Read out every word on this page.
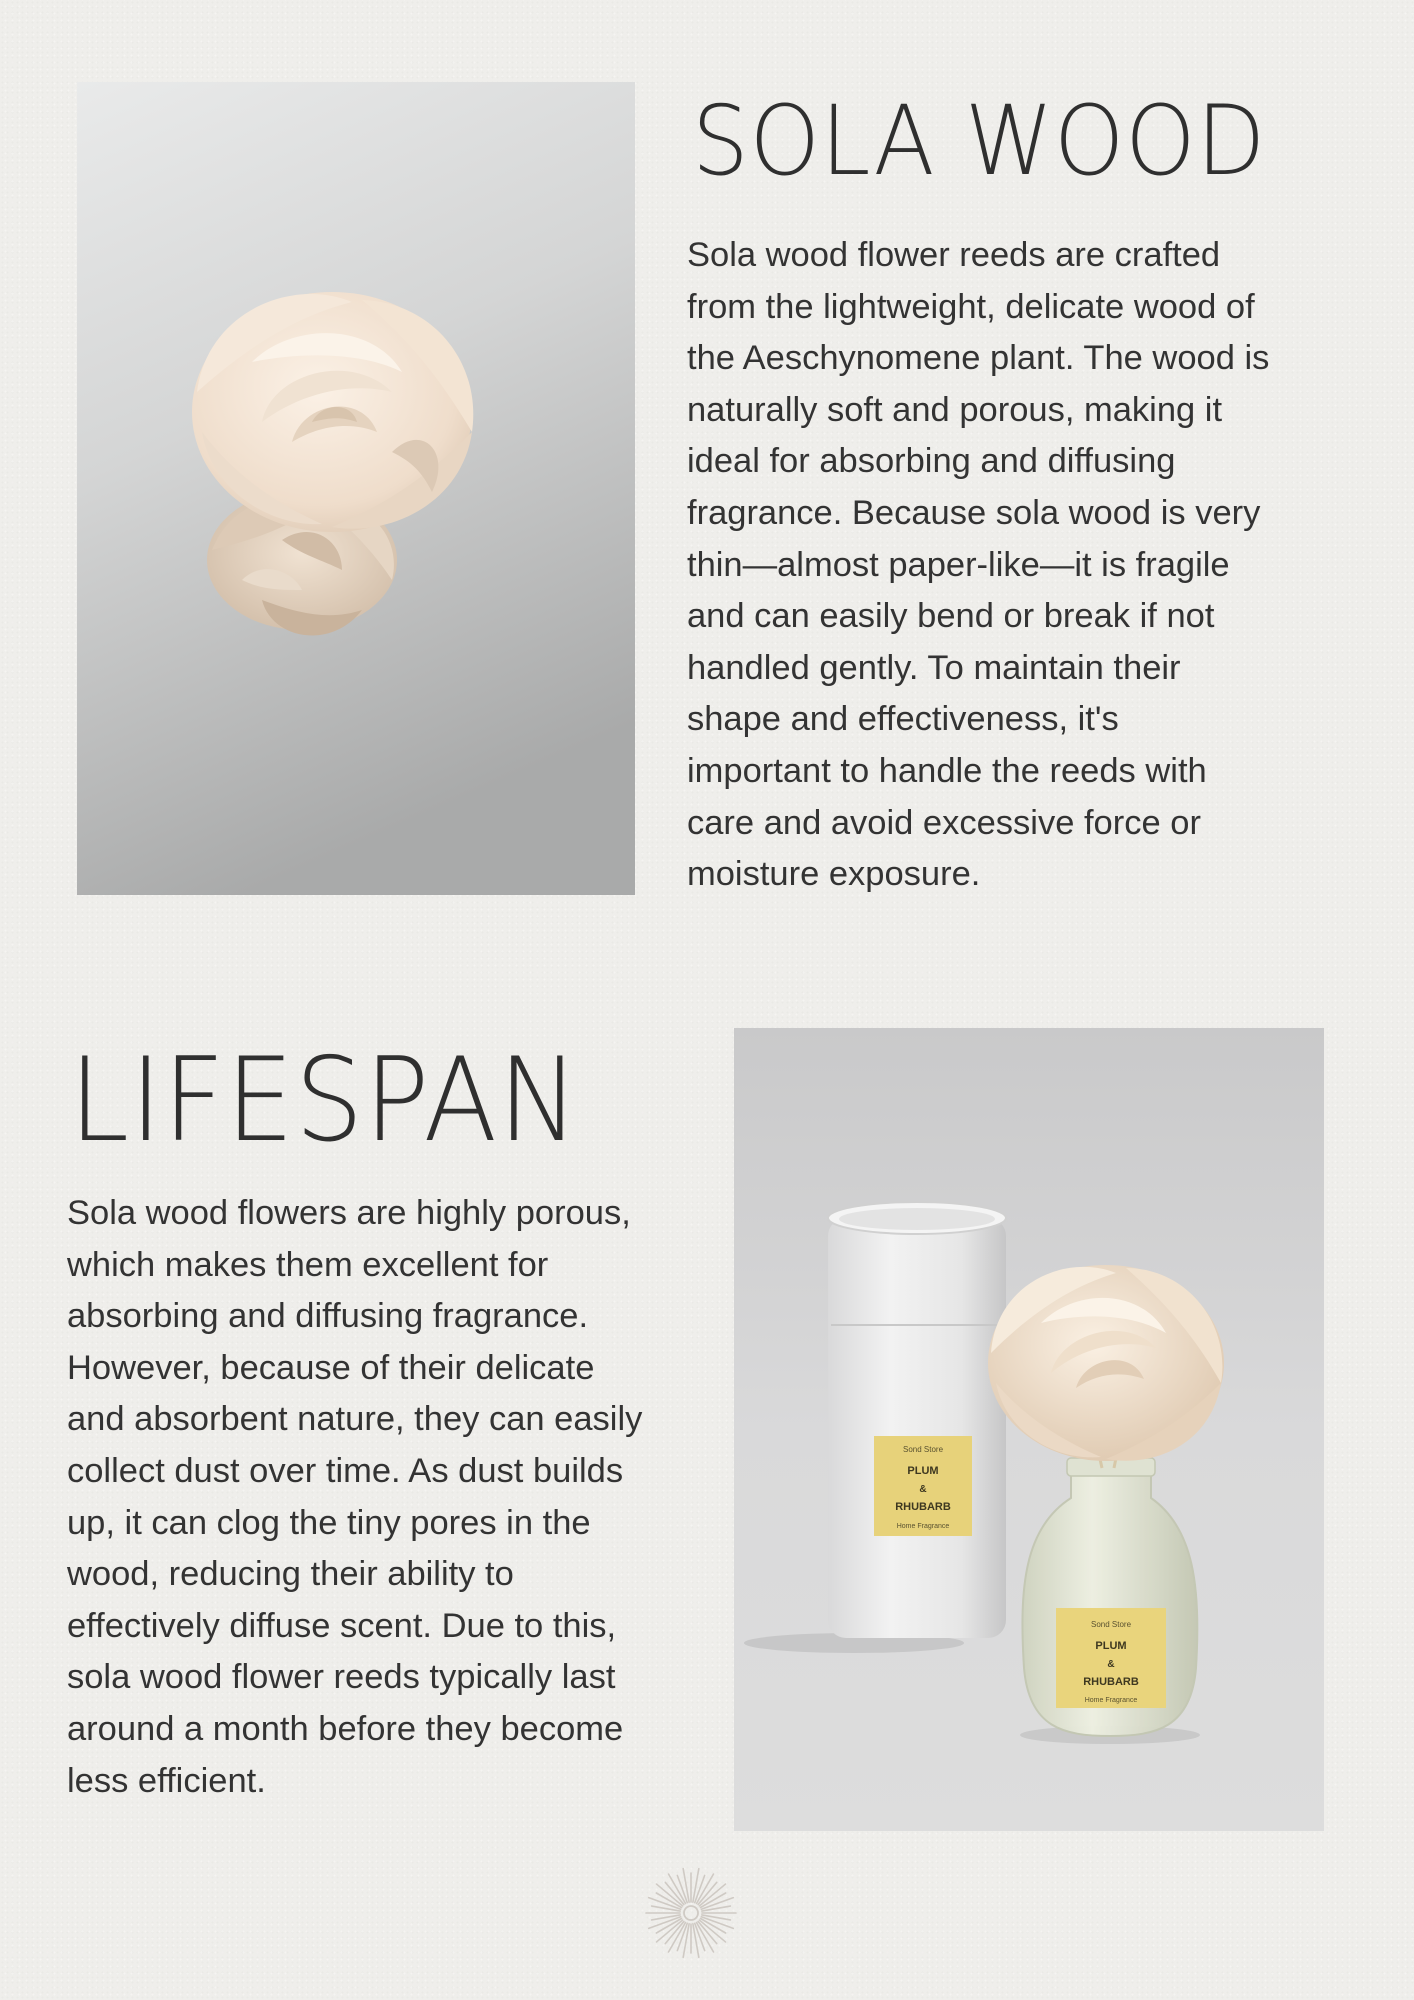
SOLA WOOD
Sola wood flower reeds are crafted
from the lightweight, delicate wood of
the Aeschynomene plant. The wood is
naturally soft and porous, making it
ideal for absorbing and diffusing
fragrance. Because sola wood is very
thin—almost paper-like—it is fragile
and can easily bend or break if not
handled gently. To maintain their
shape and effectiveness, it's
important to handle the reeds with
care and avoid excessive force or
moisture exposure.
LIFESPAN
Sola wood flowers are highly porous,
which makes them excellent for
absorbing and diffusing fragrance.
However, because of their delicate
and absorbent nature, they can easily
collect dust over time. As dust builds
up, it can clog the tiny pores in the
wood, reducing their ability to
effectively diffuse scent. Due to this,
sola wood flower reeds typically last
around a month before they become
less efficient.
Sond Store
PLUM
&
RHUBARB
Home Fragrance
Sond Store
PLUM
&
RHUBARB
Home Fragrance
